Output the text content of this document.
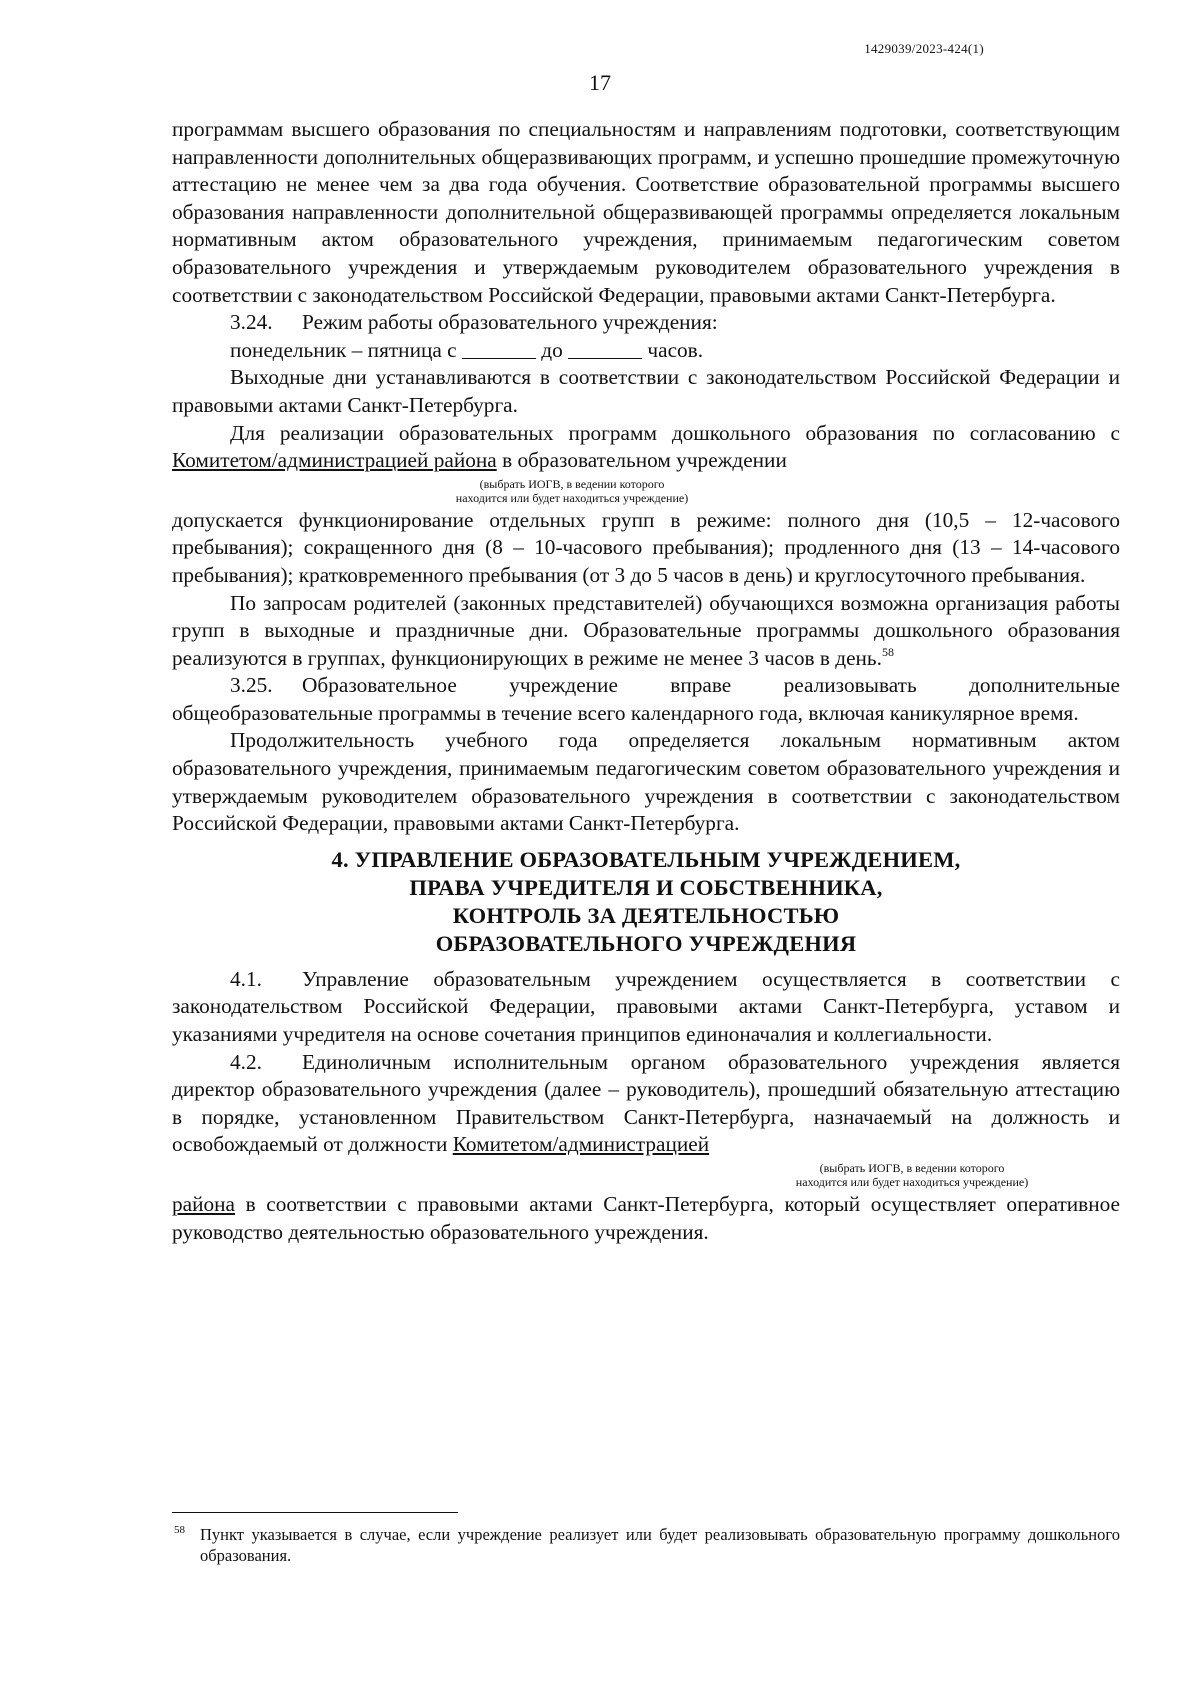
1429039/2023-424(1)
17

программам высшего образования по специальностям и направлениям подготовки, соответствующим направленности дополнительных общеразвивающих программ, и успешно прошедшие промежуточную аттестацию не менее чем за два года обучения. Соответствие образовательной программы высшего образования направленности дополнительной общеразвивающей программы определяется локальным нормативным актом образовательного учреждения, принимаемым педагогическим советом образовательного учреждения и утверждаемым руководителем образовательного учреждения в соответствии с законодательством Российской Федерации, правовыми актами Санкт-Петербурга.

3.24. Режим работы образовательного учреждения:

понедельник – пятница с	до	часов.

Выходные дни устанавливаются в соответствии с законодательством Российской Федерации и правовыми актами Санкт-Петербурга.

Для реализации образовательных программ дошкольного образования по согласованию с Комитетом/администрацией района в образовательном учреждении

(выбрать ИОГВ, в ведении которого
находится или будет находиться учреждение)

допускается функционирование отдельных групп в режиме: полного дня (10,5 – 12-часового пребывания); сокращенного дня (8 – 10-часового пребывания); продленного дня (13 – 14-часового пребывания); кратковременного пребывания (от 3 до 5 часов в день) и круглосуточного пребывания.

По запросам родителей (законных представителей) обучающихся возможна организация работы групп в выходные и праздничные дни. Образовательные программы дошкольного образования реализуются в группах, функционирующих в режиме не менее 3 часов в день.$^{58}$

3.25. Образовательное учреждение вправе реализовывать дополнительные общеобразовательные программы в течение всего календарного года, включая каникулярное время.

Продолжительность учебного года определяется локальным нормативным актом образовательного учреждения, принимаемым педагогическим советом образовательного учреждения и утверждаемым руководителем образовательного учреждения в соответствии с законодательством Российской Федерации, правовыми актами Санкт-Петербурга.

4. УПРАВЛЕНИЕ ОБРАЗОВАТЕЛЬНЫМ УЧРЕЖДЕНИЕМ,
ПРАВА УЧРЕДИТЕЛЯ И СОБСТВЕННИКА,
КОНТРОЛЬ ЗА ДЕЯТЕЛЬНОСТЬЮ
ОБРАЗОВАТЕЛЬНОГО УЧРЕЖДЕНИЯ

4.1. Управление образовательным учреждением осуществляется в соответствии с законодательством Российской Федерации, правовыми актами Санкт-Петербурга, уставом и указаниями учредителя на основе сочетания принципов единоначалия и коллегиальности.

4.2. Единоличным исполнительным органом образовательного учреждения является директор образовательного учреждения (далее – руководитель), прошедший обязательную аттестацию в порядке, установленном Правительством Санкт-Петербурга, назначаемый на должность и освобождаемый от должности Комитетом/администрацией

(выбрать ИОГВ, в ведении которого
находится или будет находиться учреждение)

района в соответствии с правовыми актами Санкт-Петербурга, который осуществляет оперативное руководство деятельностью образовательного учреждения.

58 Пункт указывается в случае, если учреждение реализует или будет реализовывать образовательную программу дошкольного образования.
